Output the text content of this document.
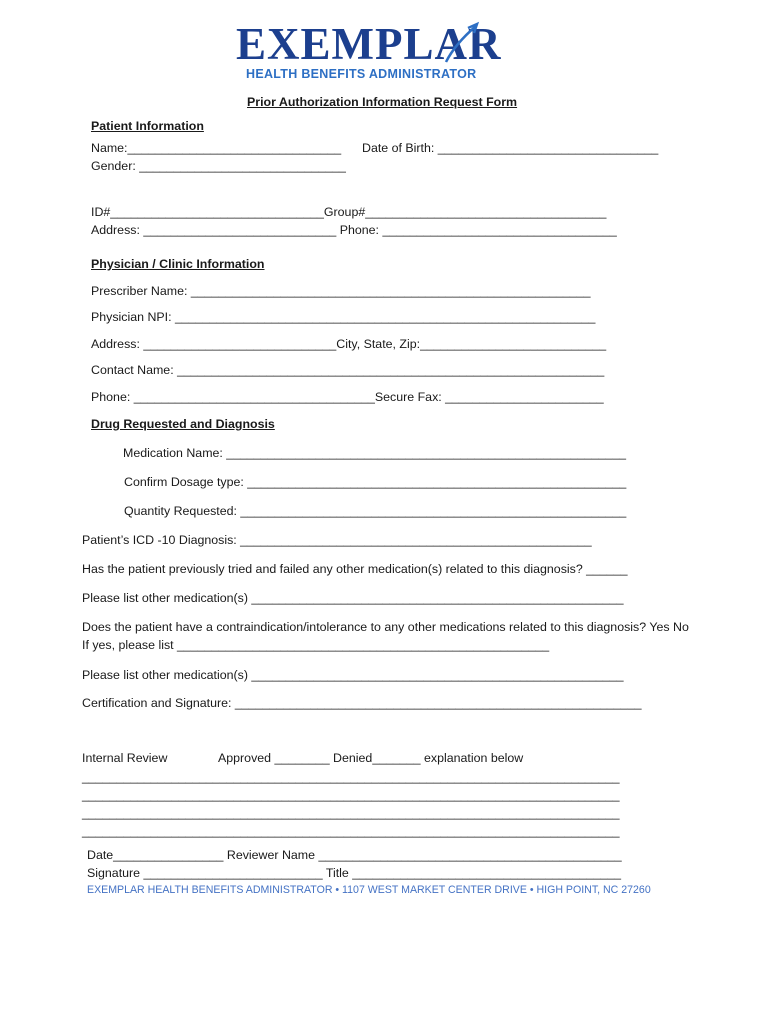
EXEMPLAR
HEALTH BENEFITS ADMINISTRATOR
Prior Authorization Information Request Form
Patient Information
Name:_______________________________ Date of Birth: ________________________________
Gender: ______________________________
ID#_______________________________Group#___________________________________
Address: ____________________________ Phone: __________________________________
Physician / Clinic Information
Prescriber Name: __________________________________________________________
Physician NPI: _____________________________________________________________
Address: ____________________________City, State, Zip:___________________________
Contact Name: ______________________________________________________________
Phone: ___________________________________Secure Fax: _______________________
Drug Requested and Diagnosis
Medication Name: __________________________________________________________
Confirm Dosage type: _______________________________________________________
Quantity Requested: ________________________________________________________
Patient’s ICD -10 Diagnosis: ___________________________________________________
Has the patient previously tried and failed any other medication(s) related to this diagnosis? ______
Please list other medication(s) ______________________________________________________
Does the patient have a contraindication/intolerance to any other medications related to this diagnosis? Yes No
If yes, please list ______________________________________________________
Please list other medication(s) ______________________________________________________
Certification and Signature: ___________________________________________________________
Internal Review	Approved ________ Denied_______ explanation below
______________________________________________________________________________
______________________________________________________________________________
______________________________________________________________________________
______________________________________________________________________________
Date________________ Reviewer Name ____________________________________________
Signature __________________________ Title _______________________________________
EXEMPLAR HEALTH BENEFITS ADMINISTRATOR • 1107 WEST MARKET CENTER DRIVE • HIGH POINT, NC 27260
